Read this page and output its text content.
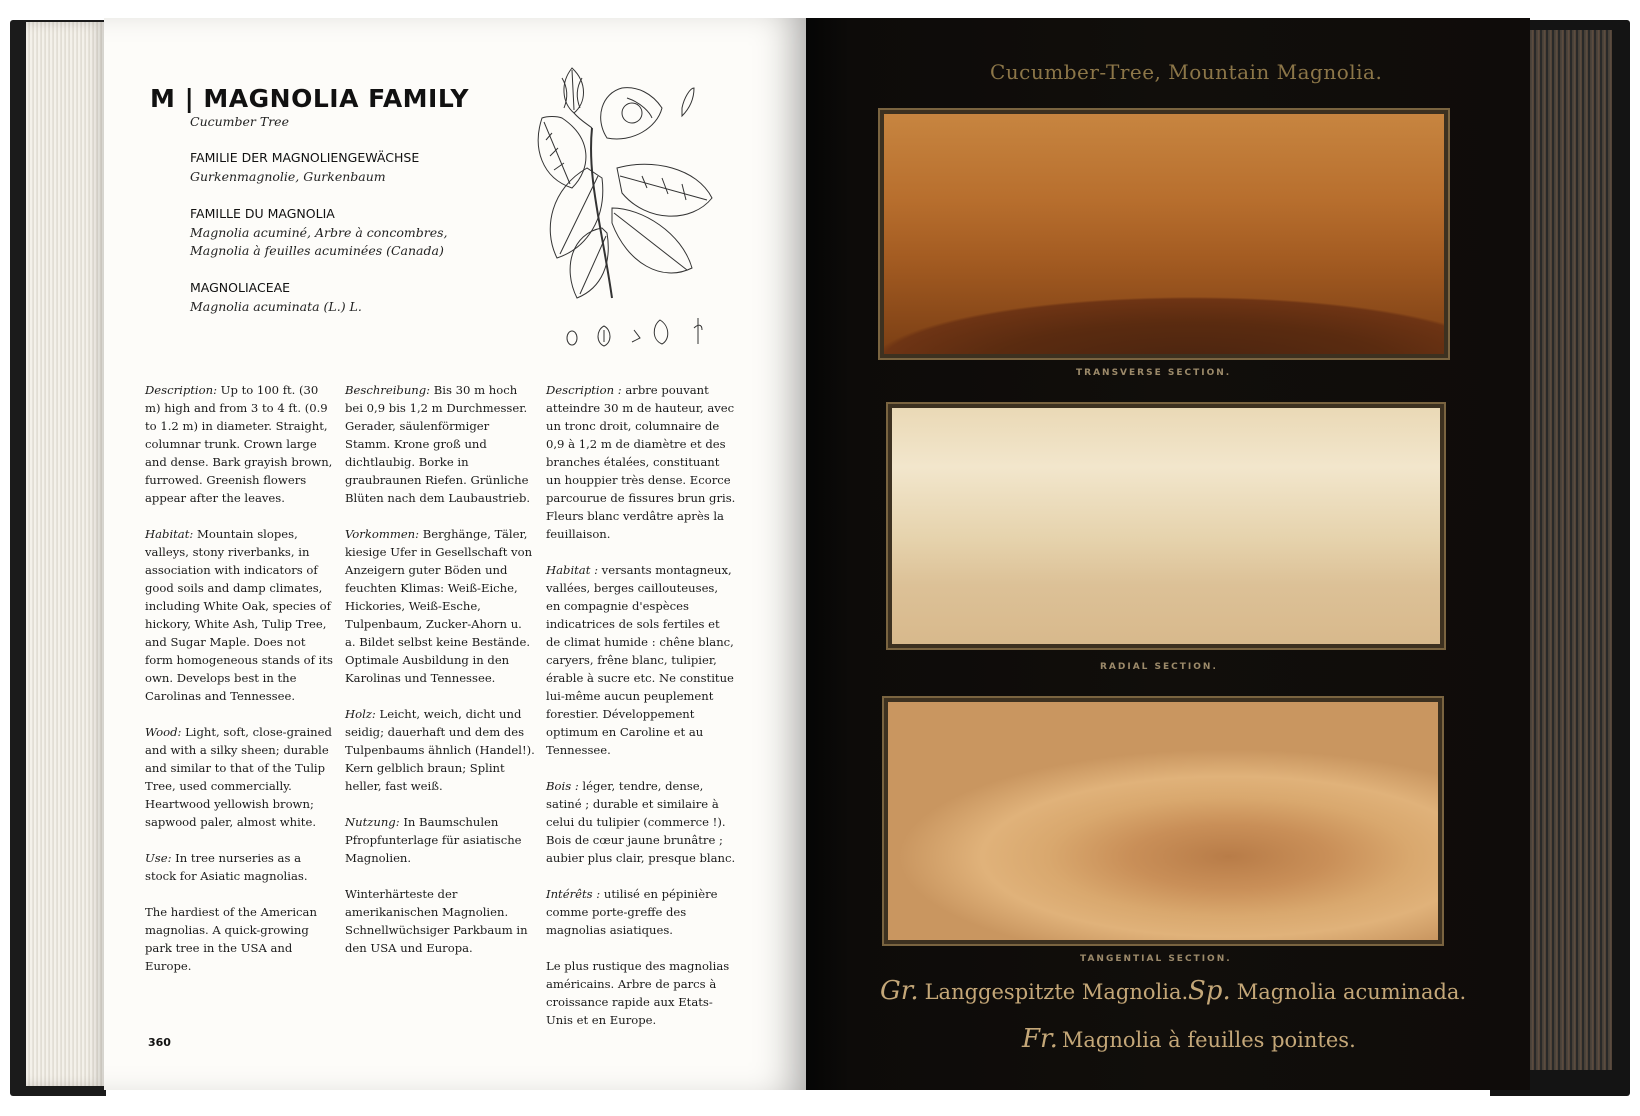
M | MAGNOLIA FAMILY
Cucumber Tree
FAMILIE DER MAGNOLIENGEWÄCHSE
Gurkenmagnolie, Gurkenbaum
FAMILLE DU MAGNOLIA
Magnolia acuminé, Arbre à concombres,
Magnolia à feuilles acuminées (Canada)
MAGNOLIACEAE
Magnolia acuminata (L.) L.

Description: Up to 100 ft. (30 m) high and from 3 to 4 ft. (0.9 to 1.2 m) in diameter. Straight, columnar trunk. Crown large and dense. Bark grayish brown, furrowed. Greenish flowers appear after the leaves.

Habitat: Mountain slopes, valleys, stony riverbanks, in association with indicators of good soils and damp climates, including White Oak, species of hickory, White Ash, Tulip Tree, and Sugar Maple. Does not form homogeneous stands of its own. Develops best in the Carolinas and Tennessee.

Wood: Light, soft, close-grained and with a silky sheen; durable and similar to that of the Tulip Tree, used commercially. Heartwood yellowish brown; sapwood paler, almost white.

Use: In tree nurseries as a stock for Asiatic magnolias.

The hardiest of the American magnolias. A quick-growing park tree in the USA and Europe.

Beschreibung: Bis 30 m hoch bei 0,9 bis 1,2 m Durchmesser. Gerader, säulenförmiger Stamm. Krone groß und dichtlaubig. Borke in graubraunen Riefen. Grünliche Blüten nach dem Laubaustrieb.

Vorkommen: Berghänge, Täler, kiesige Ufer in Gesellschaft von Anzeigern guter Böden und feuchten Klimas: Weiß-Eiche, Hickories, Weiß-Esche, Tulpenbaum, Zucker-Ahorn u. a. Bildet selbst keine Bestände. Optimale Ausbildung in den Karolinas und Tennessee.

Holz: Leicht, weich, dicht und seidig; dauerhaft und dem des Tulpenbaums ähnlich (Handel!). Kern gelblich braun; Splint heller, fast weiß.

Nutzung: In Baumschulen Pfropfunterlage für asiatische Magnolien.

Winterhärteste der amerikanischen Magnolien. Schnellwüchsiger Parkbaum in den USA und Europa.

Description : arbre pouvant atteindre 30 m de hauteur, avec un tronc droit, columnaire de 0,9 à 1,2 m de diamètre et des branches étalées, constituant un houppier très dense. Ecorce parcourue de fissures brun gris. Fleurs blanc verdâtre après la feuillaison.

Habitat : versants montagneux, vallées, berges caillouteuses, en compagnie d'espèces indicatrices de sols fertiles et de climat humide : chêne blanc, caryers, frêne blanc, tulipier, érable à sucre etc. Ne constitue lui-même aucun peuplement forestier. Développement optimum en Caroline et au Tennessee.

Bois : léger, tendre, dense, satiné ; durable et similaire à celui du tulipier (commerce !). Bois de cœur jaune brunâtre ; aubier plus clair, presque blanc.

Intérêts : utilisé en pépinière comme porte-greffe des magnolias asiatiques.

Le plus rustique des magnolias américains. Arbre de parcs à croissance rapide aux Etats-Unis et en Europe.

360
Cucumber-Tree, Mountain Magnolia.
TRANSVERSE SECTION.
RADIAL SECTION.
TANGENTIAL SECTION.
Gr. Langgespitzte Magnolia. Sp. Magnolia acuminada.
Fr. Magnolia à feuilles pointes.
